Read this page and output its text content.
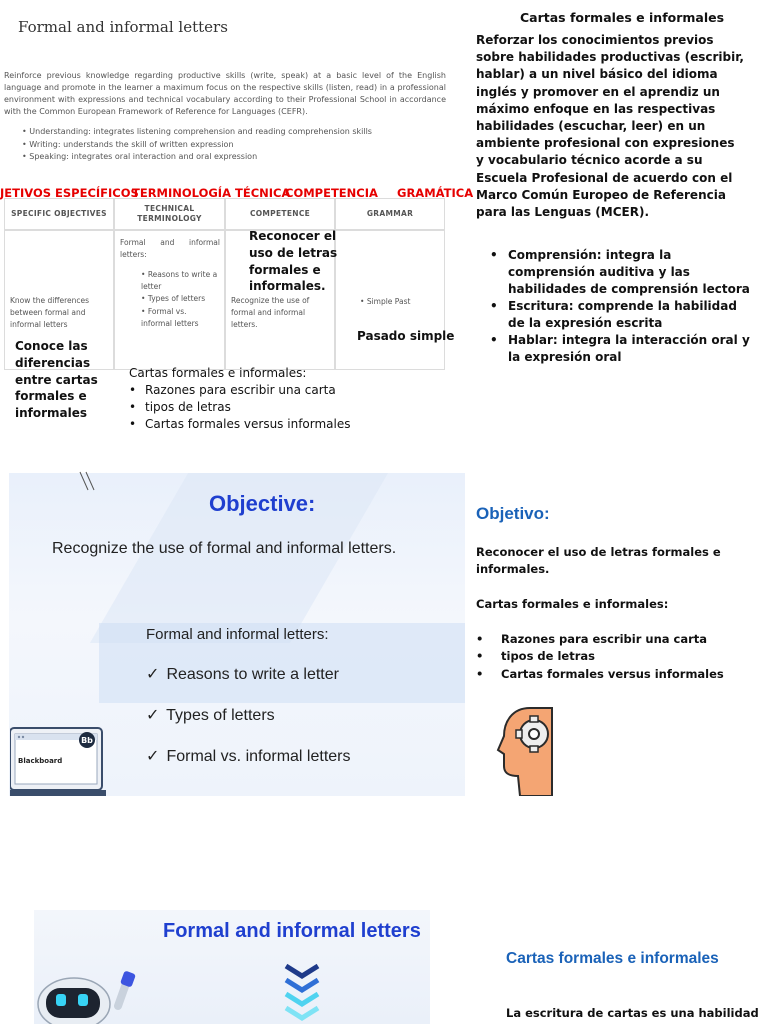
Formal and informal letters

Reinforce previous knowledge regarding productive skills (write, speak) at a basic level of the English language and promote in the learner a maximum focus on the respective skills (listen, read) in a professional environment with expressions and technical vocabulary according to their Professional School in accordance with the Common European Framework of Reference for Languages (CEFR).

• Understanding: integrates listening comprehension and reading comprehension skills
• Writing: understands the skill of written expression
• Speaking: integrates oral interaction and oral expression
JETIVOS ESPECÍFICOS
TERMINOLOGÍA TÉCNICA
COMPETENCIA GRAMÁTICA
SPECIFIC OBJECTIVES
TECHNICAL TERMINOLOGY
COMPETENCE	GRAMMAR
Know the differences between formal and informal letters
Formal and informal letters:
• Reasons to write a letter
• Types of letters
• Formal vs. informal letters
Recognize the use of formal and informal letters.
• Simple Past
Reconocer el uso de letras formales e informales.
Pasado simple
Conoce las diferencias entre cartas formales e informales
Cartas formales e informales:
• Razones para escribir una carta
• tipos de letras
• Cartas formales versus informales
Cartas formales e informales

Reforzar los conocimientos previos sobre habilidades productivas (escribir, hablar) a un nivel básico del idioma inglés y promover en el aprendiz un máximo enfoque en las respectivas habilidades (escuchar, leer) en un ambiente profesional con expresiones y vocabulario técnico acorde a su Escuela Profesional de acuerdo con el Marco Común Europeo de Referencia para las Lenguas (MCER).

• Comprensión: integra la comprensión auditiva y las habilidades de comprensión lectora
• Escritura: comprende la habilidad de la expresión escrita
• Hablar: integra la interacción oral y la expresión oral
Objective:
Recognize the use of formal and informal letters.
Formal and informal letters:
✓ Reasons to write a letter
✓ Types of letters
✓ Formal vs. informal letters
Bb
Blackboard
Objetivo:

Reconocer el uso de letras formales e informales.

Cartas formales e informales:
• Razones para escribir una carta
• tipos de letras
• Cartas formales versus informales
Formal and informal letters
Cartas formales e informales
La escritura de cartas es una habilidad
